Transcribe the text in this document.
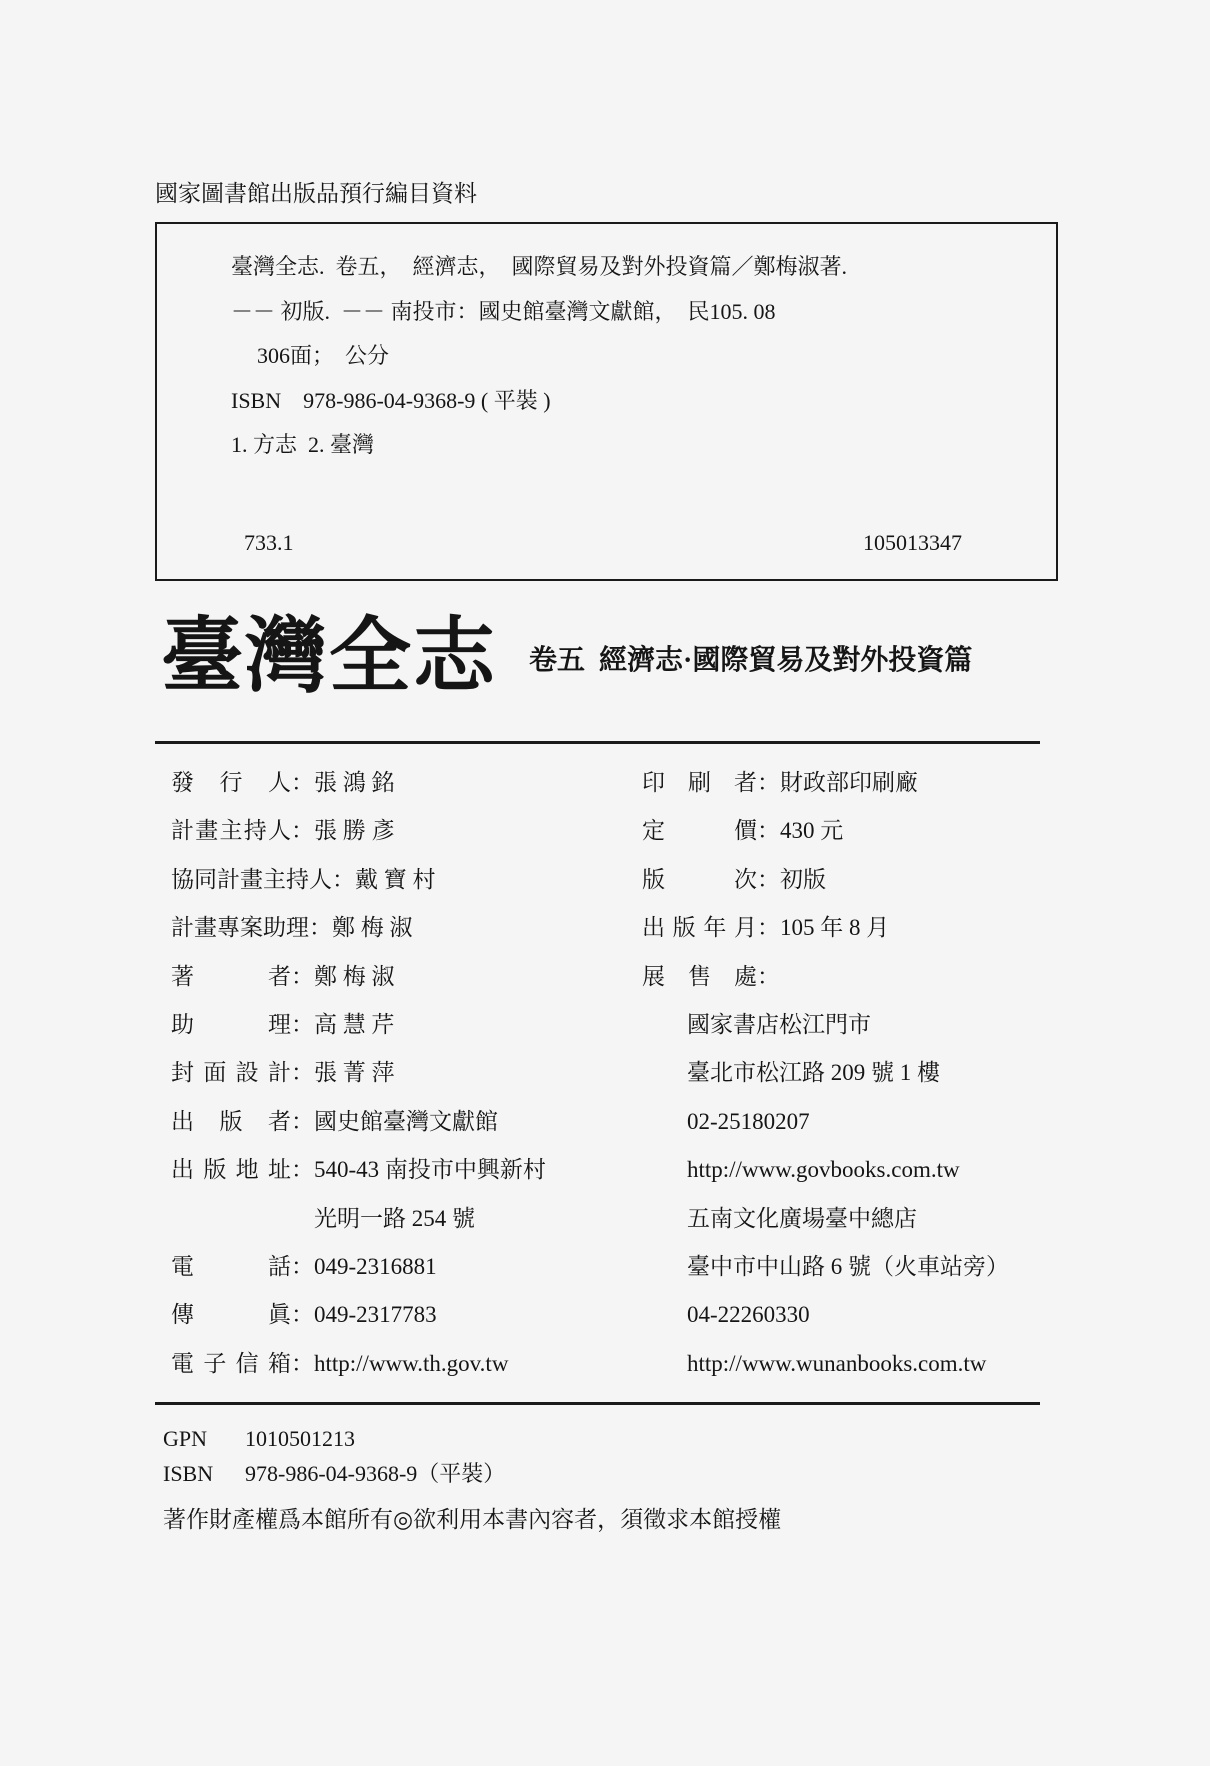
國家圖書館出版品預行編目資料
臺灣全志.  卷五，  經濟志，  國際貿易及對外投資篇／鄭梅淑著.
－－ 初版.  －－ 南投市：國史館臺灣文獻館，  民105. 08
306面；  公分
ISBN    978-986-04-9368-9 ( 平裝 )
1. 方志  2. 臺灣
733.1	105013347
臺灣全志 卷五  經濟志·國際貿易及對外投資篇
發行人：張 鴻 銘
計畫主持人：張 勝 彥
協同計畫主持人：戴 寶 村
計畫專案助理：鄭 梅 淑
著者：鄭 梅 淑
助理：高 慧 芹
封面設計：張 菁 萍
出版者：國史館臺灣文獻館
出版地址：540-43 南投市中興新村
光明一路 254 號
電話：049-2316881
傳眞：049-2317783
電子信箱：http://www.th.gov.tw
印刷者：財政部印刷廠
定價：430 元
版次：初版
出版年月：105 年 8 月
展售處：
國家書店松江門市
臺北市松江路 209 號 1 樓
02-25180207
http://www.govbooks.com.tw
五南文化廣場臺中總店
臺中市中山路 6 號（火車站旁）
04-22260330
http://www.wunanbooks.com.tw
GPN 1010501213
ISBN 978-986-04-9368-9（平裝）
著作財產權爲本館所有◎欲利用本書內容者，須徵求本館授權
